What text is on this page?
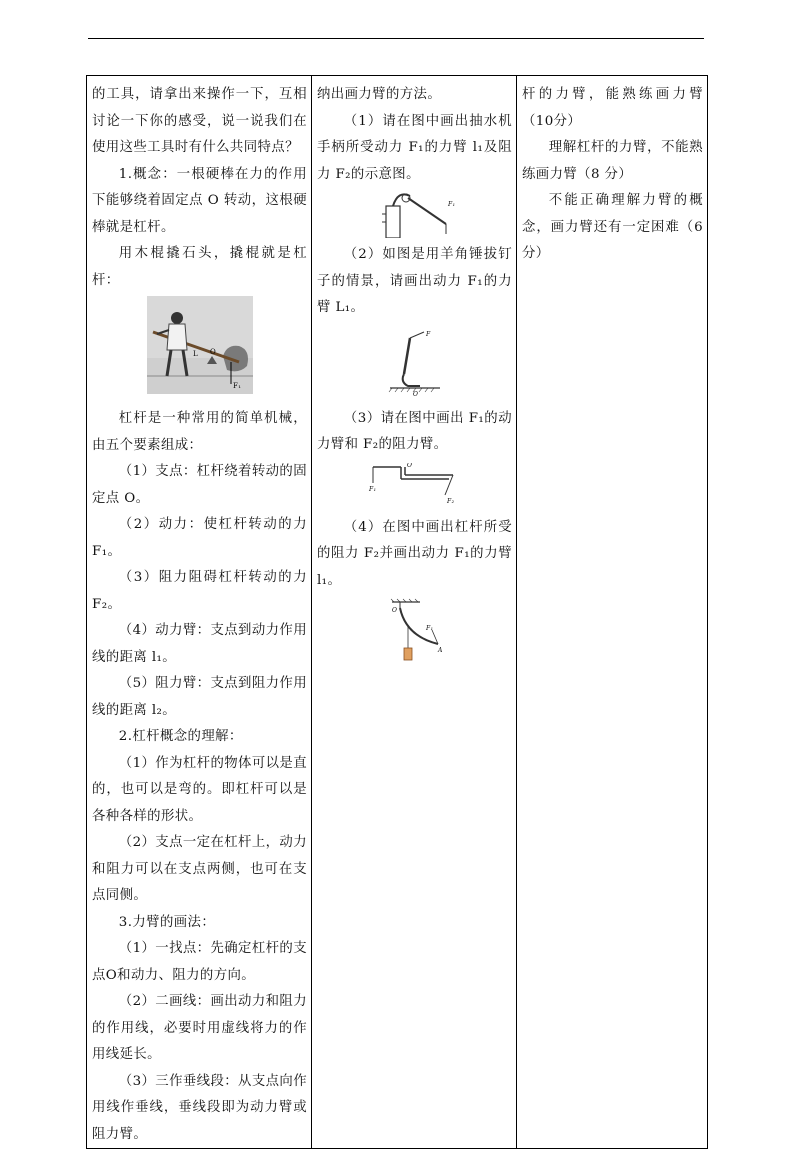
的工具，请拿出来操作一下，互相讨论一下你的感受，说一说我们在使用这些工具时有什么共同特点？

1.概念：一根硬棒在力的作用下能够绕着固定点 O 转动，这根硬棒就是杠杆。

用木棍撬石头，撬棍就是杠杆：

O
L
F₁

杠杆是一种常用的简单机械，由五个要素组成：

（1）支点：杠杆绕着转动的固定点 O。

（2）动力：使杠杆转动的力 F₁。

（3）阻力阻碍杠杆转动的力 F₂。

（4）动力臂：支点到动力作用线的距离 l₁。

（5）阻力臂：支点到阻力作用线的距离 l₂。

2.杠杆概念的理解：

（1）作为杠杆的物体可以是直的，也可以是弯的。即杠杆可以是各种各样的形状。

（2）支点一定在杠杆上，动力和阻力可以在支点两侧，也可在支点同侧。

3.力臂的画法：

（1）一找点：先确定杠杆的支点O和动力、阻力的方向。

（2）二画线：画出动力和阻力的作用线，必要时用虚线将力的作用线延长。

（3）三作垂线段：从支点向作用线作垂线，垂线段即为动力臂或阻力臂。

纳出画力臂的方法。

（1）请在图中画出抽水机手柄所受动力 F₁的力臂 l₁及阻力 F₂的示意图。

F₁

（2）如图是用羊角锤拔钉子的情景，请画出动力 F₁的力臂 L₁。

F
O

（3）请在图中画出 F₁的动力臂和 F₂的阻力臂。

F₁
F₂
O

（4）在图中画出杠杆所受的阻力 F₂并画出动力 F₁的力臂 l₁。

O
F₁
A

杆的力臂，能熟练画力臂（10分）

理解杠杆的力臂，不能熟练画力臂（8 分）

不能正确理解力臂的概念，画力臂还有一定困难（6分）
